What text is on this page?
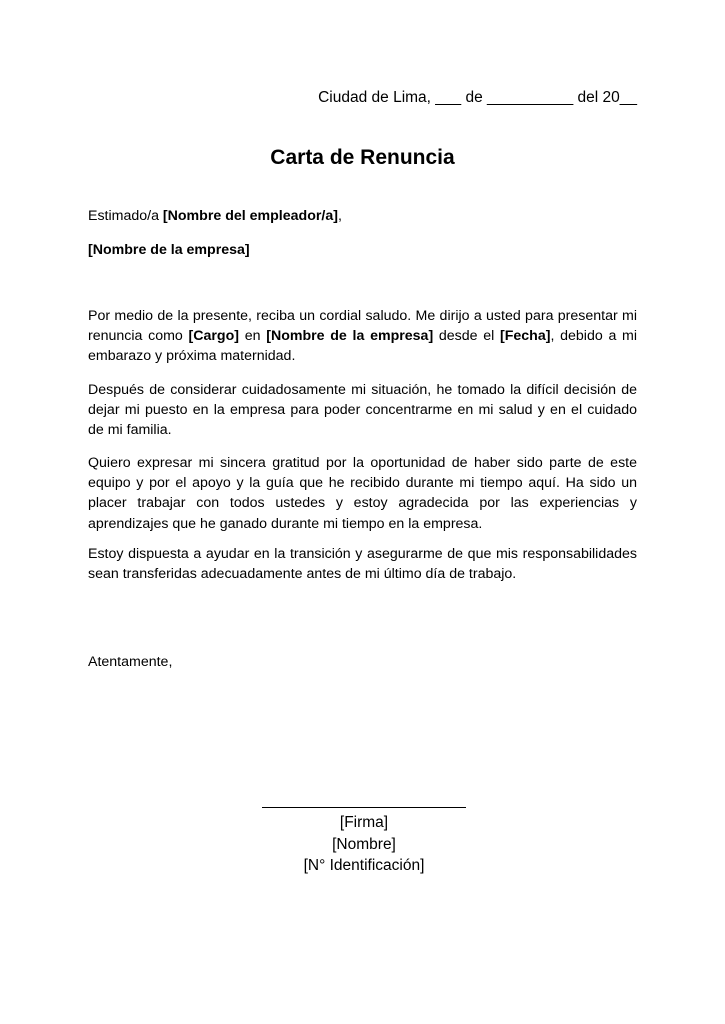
Ciudad de Lima, ___ de __________ del 20__
Carta de Renuncia
Estimado/a [Nombre del empleador/a],
[Nombre de la empresa]
Por medio de la presente, reciba un cordial saludo. Me dirijo a usted para presentar mi renuncia como [Cargo] en [Nombre de la empresa] desde el [Fecha], debido a mi embarazo y próxima maternidad.
Después de considerar cuidadosamente mi situación, he tomado la difícil decisión de dejar mi puesto en la empresa para poder concentrarme en mi salud y en el cuidado de mi familia.
Quiero expresar mi sincera gratitud por la oportunidad de haber sido parte de este equipo y por el apoyo y la guía que he recibido durante mi tiempo aquí. Ha sido un placer trabajar con todos ustedes y estoy agradecida por las experiencias y aprendizajes que he ganado durante mi tiempo en la empresa.
Estoy dispuesta a ayudar en la transición y asegurarme de que mis responsabilidades sean transferidas adecuadamente antes de mi último día de trabajo.
Atentamente,
[Firma]
[Nombre]
[N° Identificación]
